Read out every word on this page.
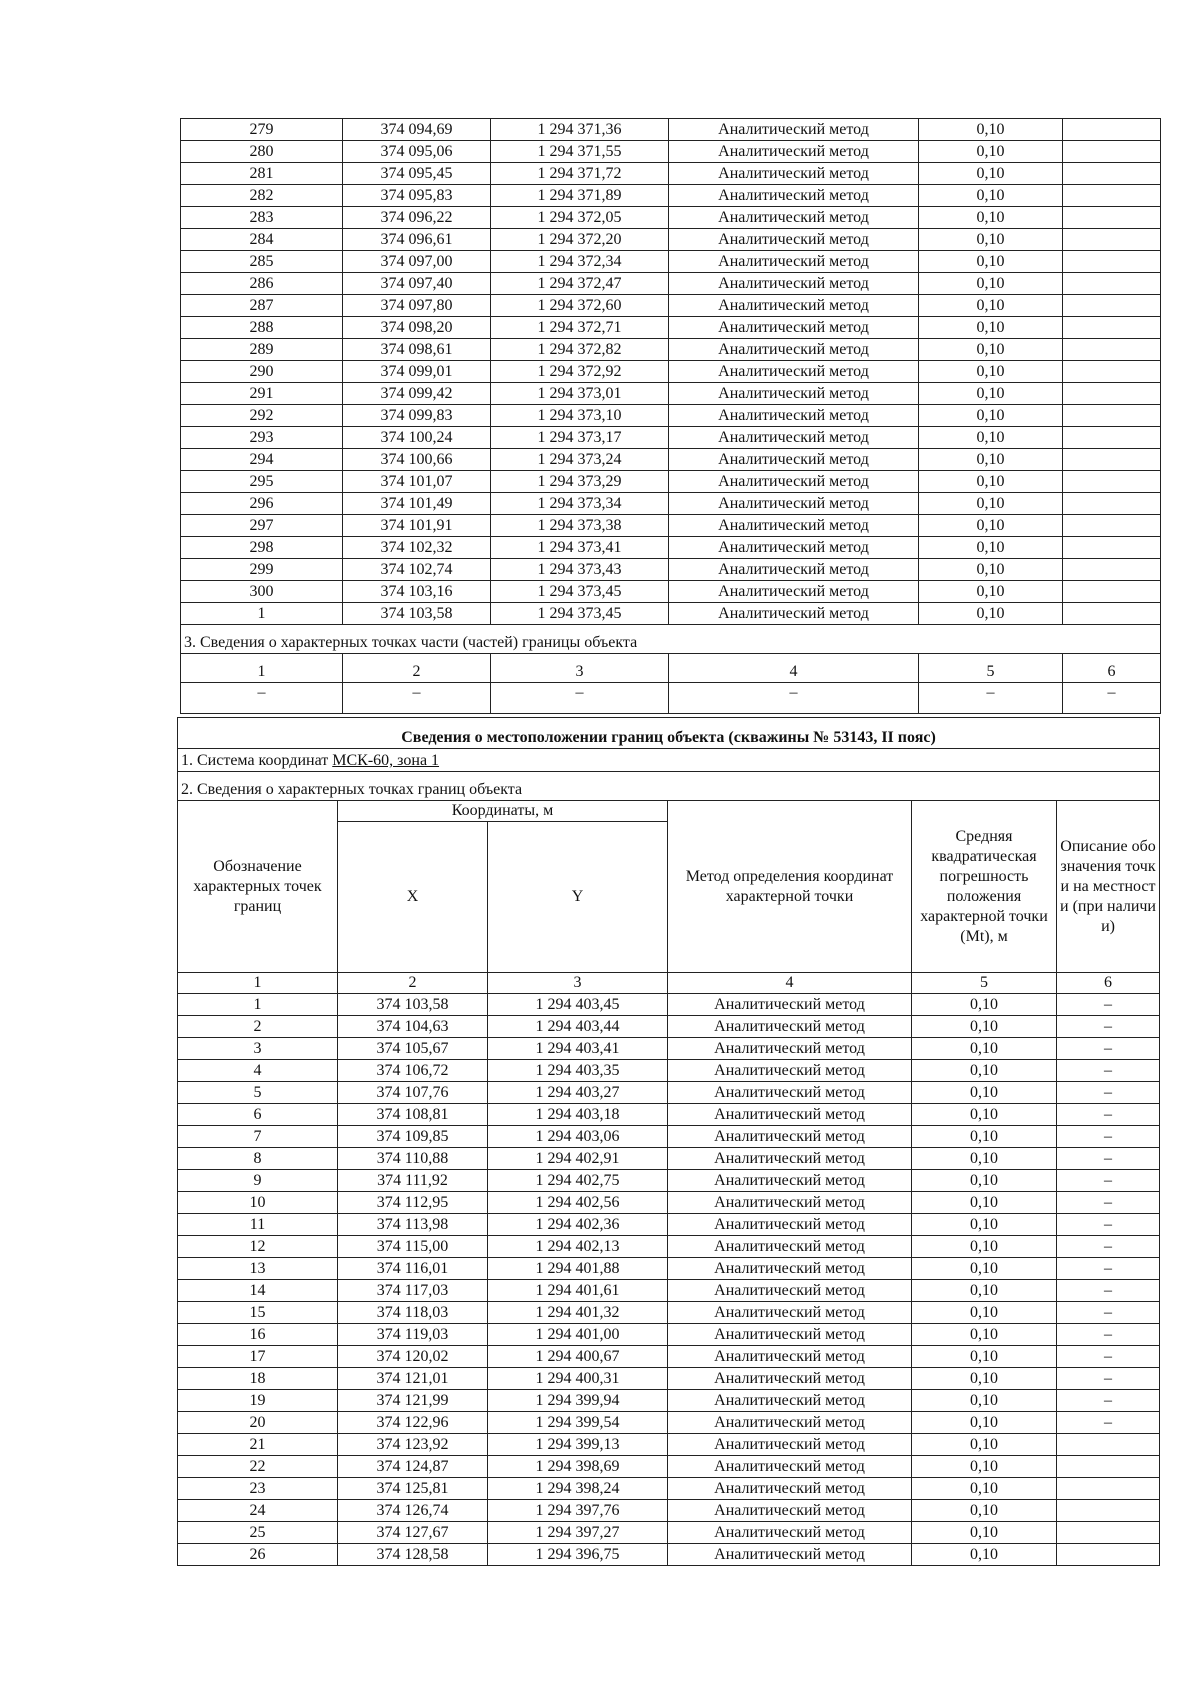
279	374 094,69	1 294 371,36	Аналитический метод	0,10	
280	374 095,06	1 294 371,55	Аналитический метод	0,10	
281	374 095,45	1 294 371,72	Аналитический метод	0,10	
282	374 095,83	1 294 371,89	Аналитический метод	0,10	
283	374 096,22	1 294 372,05	Аналитический метод	0,10	
284	374 096,61	1 294 372,20	Аналитический метод	0,10	
285	374 097,00	1 294 372,34	Аналитический метод	0,10	
286	374 097,40	1 294 372,47	Аналитический метод	0,10	
287	374 097,80	1 294 372,60	Аналитический метод	0,10	
288	374 098,20	1 294 372,71	Аналитический метод	0,10	
289	374 098,61	1 294 372,82	Аналитический метод	0,10	
290	374 099,01	1 294 372,92	Аналитический метод	0,10	
291	374 099,42	1 294 373,01	Аналитический метод	0,10	
292	374 099,83	1 294 373,10	Аналитический метод	0,10	
293	374 100,24	1 294 373,17	Аналитический метод	0,10	
294	374 100,66	1 294 373,24	Аналитический метод	0,10	
295	374 101,07	1 294 373,29	Аналитический метод	0,10	
296	374 101,49	1 294 373,34	Аналитический метод	0,10	
297	374 101,91	1 294 373,38	Аналитический метод	0,10	
298	374 102,32	1 294 373,41	Аналитический метод	0,10	
299	374 102,74	1 294 373,43	Аналитический метод	0,10	
300	374 103,16	1 294 373,45	Аналитический метод	0,10	
1	374 103,58	1 294 373,45	Аналитический метод	0,10	
3. Сведения о характерных точках части (частей) границы объекта					
1	2	3	4	5	6
–	–	–	–	–	–
Сведения о местоположении границ объекта (скважины № 53143, II пояс)					
1. Система координат МСК-60, зона 1					
2. Сведения о характерных точках границ объекта					
Обозначение характерных точек границ	Координаты, м		Метод определения координат характерной точки	Средняя квадратическая погрешность положения характерной точки (Mt), м	Описание обозначения точки на местности (при наличии)
	X	Y			
1	2	3	4	5	6
1	374 103,58	1 294 403,45	Аналитический метод	0,10	–
2	374 104,63	1 294 403,44	Аналитический метод	0,10	–
3	374 105,67	1 294 403,41	Аналитический метод	0,10	–
4	374 106,72	1 294 403,35	Аналитический метод	0,10	–
5	374 107,76	1 294 403,27	Аналитический метод	0,10	–
6	374 108,81	1 294 403,18	Аналитический метод	0,10	–
7	374 109,85	1 294 403,06	Аналитический метод	0,10	–
8	374 110,88	1 294 402,91	Аналитический метод	0,10	–
9	374 111,92	1 294 402,75	Аналитический метод	0,10	–
10	374 112,95	1 294 402,56	Аналитический метод	0,10	–
11	374 113,98	1 294 402,36	Аналитический метод	0,10	–
12	374 115,00	1 294 402,13	Аналитический метод	0,10	–
13	374 116,01	1 294 401,88	Аналитический метод	0,10	–
14	374 117,03	1 294 401,61	Аналитический метод	0,10	–
15	374 118,03	1 294 401,32	Аналитический метод	0,10	–
16	374 119,03	1 294 401,00	Аналитический метод	0,10	–
17	374 120,02	1 294 400,67	Аналитический метод	0,10	–
18	374 121,01	1 294 400,31	Аналитический метод	0,10	–
19	374 121,99	1 294 399,94	Аналитический метод	0,10	–
20	374 122,96	1 294 399,54	Аналитический метод	0,10	–
21	374 123,92	1 294 399,13	Аналитический метод	0,10	
22	374 124,87	1 294 398,69	Аналитический метод	0,10	
23	374 125,81	1 294 398,24	Аналитический метод	0,10	
24	374 126,74	1 294 397,76	Аналитический метод	0,10	
25	374 127,67	1 294 397,27	Аналитический метод	0,10	
26	374 128,58	1 294 396,75	Аналитический метод	0,10	
